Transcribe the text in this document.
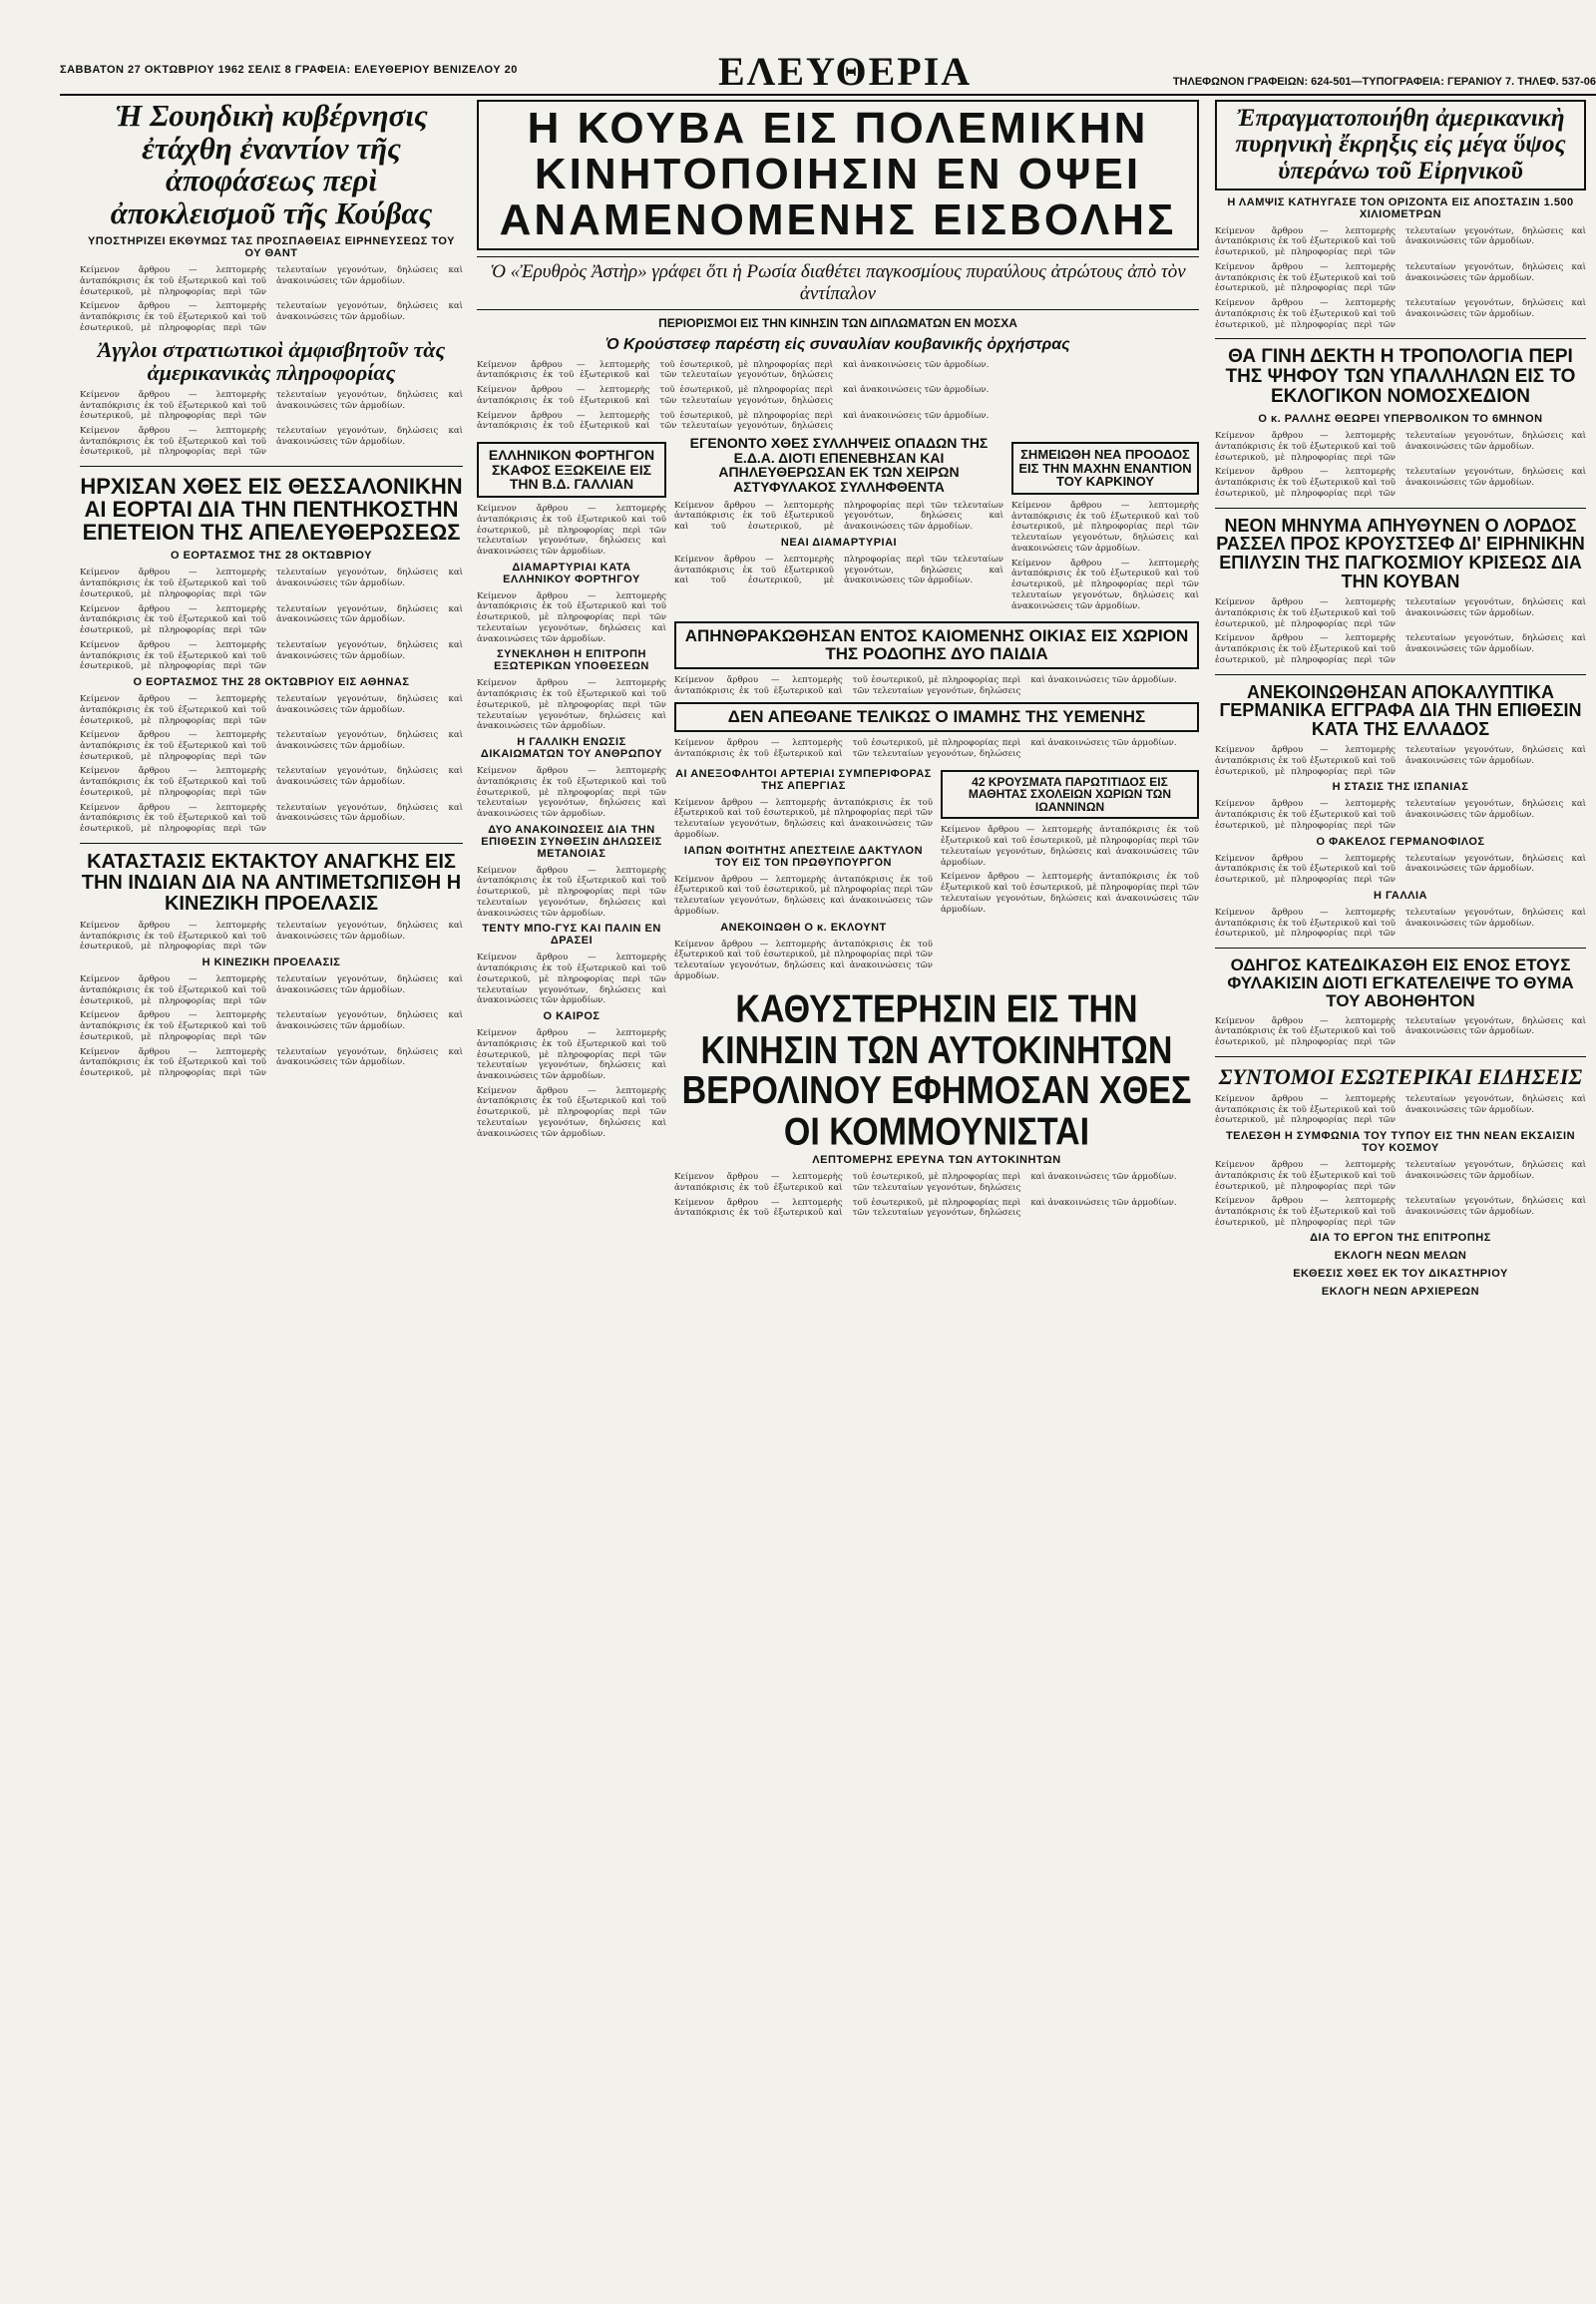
ΣΑΒΒΑΤΟΝ 27 ΟΚΤΩΒΡΙΟΥ 1962 ΣΕΛΙΣ 8 ΓΡΑΦΕΙΑ: ΕΛΕΥΘΕΡΙΟΥ ΒΕΝΙΖΕΛΟΥ 20	ΕΛΕΥΘΕΡΙΑ	ΤΗΛΕΦΩΝΟΝ ΓΡΑΦΕΙΩΝ: 624-501—ΤΥΠΟΓΡΑΦΕΙΑ: ΓΕΡΑΝΙΟΥ 7. ΤΗΛΕΦ. 537-06
Ἡ Σουηδικὴ κυβέρνησις ἐτάχθη ἐναντίον τῆς ἀποφάσεως περὶ ἀποκλεισμοῦ τῆς Κούβας
ΥΠΟΣΤΗΡΙΖΕΙ ΕΚΘΥΜΩΣ ΤΑΣ ΠΡΟΣΠΑΘΕΙΑΣ ΕΙΡΗΝΕΥΣΕΩΣ ΤΟΥ ΟΥ ΘΑΝΤ

Κείμενον ἄρθρου — λεπτομερὴς ἀνταπόκρισις ἐκ τοῦ ἐξωτερικοῦ καὶ τοῦ ἐσωτερικοῦ, μὲ πληροφορίας περὶ τῶν τελευταίων γεγονότων, δηλώσεις καὶ ἀνακοινώσεις τῶν ἁρμοδίων.

Κείμενον ἄρθρου — λεπτομερὴς ἀνταπόκρισις ἐκ τοῦ ἐξωτερικοῦ καὶ τοῦ ἐσωτερικοῦ, μὲ πληροφορίας περὶ τῶν τελευταίων γεγονότων, δηλώσεις καὶ ἀνακοινώσεις τῶν ἁρμοδίων.

Ἀγγλοι στρατιωτικοὶ ἀμφισβητοῦν τὰς ἀμερικανικὰς πληροφορίας

Κείμενον ἄρθρου — λεπτομερὴς ἀνταπόκρισις ἐκ τοῦ ἐξωτερικοῦ καὶ τοῦ ἐσωτερικοῦ, μὲ πληροφορίας περὶ τῶν τελευταίων γεγονότων, δηλώσεις καὶ ἀνακοινώσεις τῶν ἁρμοδίων.

Κείμενον ἄρθρου — λεπτομερὴς ἀνταπόκρισις ἐκ τοῦ ἐξωτερικοῦ καὶ τοῦ ἐσωτερικοῦ, μὲ πληροφορίας περὶ τῶν τελευταίων γεγονότων, δηλώσεις καὶ ἀνακοινώσεις τῶν ἁρμοδίων.

ΗΡΧΙΣΑΝ ΧΘΕΣ ΕΙΣ ΘΕΣΣΑΛΟΝΙΚΗΝ ΑΙ ΕΟΡΤΑΙ ΔΙΑ ΤΗΝ ΠΕΝΤΗΚΟΣΤΗΝ ΕΠΕΤΕΙΟΝ ΤΗΣ ΑΠΕΛΕΥΘΕΡΩΣΕΩΣ
Ο ΕΟΡΤΑΣΜΟΣ ΤΗΣ 28 ΟΚΤΩΒΡΙΟΥ

Κείμενον ἄρθρου — λεπτομερὴς ἀνταπόκρισις ἐκ τοῦ ἐξωτερικοῦ καὶ τοῦ ἐσωτερικοῦ, μὲ πληροφορίας περὶ τῶν τελευταίων γεγονότων, δηλώσεις καὶ ἀνακοινώσεις τῶν ἁρμοδίων.

Κείμενον ἄρθρου — λεπτομερὴς ἀνταπόκρισις ἐκ τοῦ ἐξωτερικοῦ καὶ τοῦ ἐσωτερικοῦ, μὲ πληροφορίας περὶ τῶν τελευταίων γεγονότων, δηλώσεις καὶ ἀνακοινώσεις τῶν ἁρμοδίων.

Κείμενον ἄρθρου — λεπτομερὴς ἀνταπόκρισις ἐκ τοῦ ἐξωτερικοῦ καὶ τοῦ ἐσωτερικοῦ, μὲ πληροφορίας περὶ τῶν τελευταίων γεγονότων, δηλώσεις καὶ ἀνακοινώσεις τῶν ἁρμοδίων.

Ο ΕΟΡΤΑΣΜΟΣ ΤΗΣ 28 ΟΚΤΩΒΡΙΟΥ ΕΙΣ ΑΘΗΝΑΣ

Κείμενον ἄρθρου — λεπτομερὴς ἀνταπόκρισις ἐκ τοῦ ἐξωτερικοῦ καὶ τοῦ ἐσωτερικοῦ, μὲ πληροφορίας περὶ τῶν τελευταίων γεγονότων, δηλώσεις καὶ ἀνακοινώσεις τῶν ἁρμοδίων.

Κείμενον ἄρθρου — λεπτομερὴς ἀνταπόκρισις ἐκ τοῦ ἐξωτερικοῦ καὶ τοῦ ἐσωτερικοῦ, μὲ πληροφορίας περὶ τῶν τελευταίων γεγονότων, δηλώσεις καὶ ἀνακοινώσεις τῶν ἁρμοδίων.

Κείμενον ἄρθρου — λεπτομερὴς ἀνταπόκρισις ἐκ τοῦ ἐξωτερικοῦ καὶ τοῦ ἐσωτερικοῦ, μὲ πληροφορίας περὶ τῶν τελευταίων γεγονότων, δηλώσεις καὶ ἀνακοινώσεις τῶν ἁρμοδίων.

Κείμενον ἄρθρου — λεπτομερὴς ἀνταπόκρισις ἐκ τοῦ ἐξωτερικοῦ καὶ τοῦ ἐσωτερικοῦ, μὲ πληροφορίας περὶ τῶν τελευταίων γεγονότων, δηλώσεις καὶ ἀνακοινώσεις τῶν ἁρμοδίων.

ΚΑΤΑΣΤΑΣΙΣ ΕΚΤΑΚΤΟΥ ΑΝΑΓΚΗΣ ΕΙΣ ΤΗΝ ΙΝΔΙΑΝ ΔΙΑ ΝΑ ΑΝΤΙΜΕΤΩΠΙΣΘΗ Η ΚΙΝΕΖΙΚΗ ΠΡΟΕΛΑΣΙΣ

Κείμενον ἄρθρου — λεπτομερὴς ἀνταπόκρισις ἐκ τοῦ ἐξωτερικοῦ καὶ τοῦ ἐσωτερικοῦ, μὲ πληροφορίας περὶ τῶν τελευταίων γεγονότων, δηλώσεις καὶ ἀνακοινώσεις τῶν ἁρμοδίων.

Η ΚΙΝΕΖΙΚΗ ΠΡΟΕΛΑΣΙΣ

Κείμενον ἄρθρου — λεπτομερὴς ἀνταπόκρισις ἐκ τοῦ ἐξωτερικοῦ καὶ τοῦ ἐσωτερικοῦ, μὲ πληροφορίας περὶ τῶν τελευταίων γεγονότων, δηλώσεις καὶ ἀνακοινώσεις τῶν ἁρμοδίων.

Κείμενον ἄρθρου — λεπτομερὴς ἀνταπόκρισις ἐκ τοῦ ἐξωτερικοῦ καὶ τοῦ ἐσωτερικοῦ, μὲ πληροφορίας περὶ τῶν τελευταίων γεγονότων, δηλώσεις καὶ ἀνακοινώσεις τῶν ἁρμοδίων.

Κείμενον ἄρθρου — λεπτομερὴς ἀνταπόκρισις ἐκ τοῦ ἐξωτερικοῦ καὶ τοῦ ἐσωτερικοῦ, μὲ πληροφορίας περὶ τῶν τελευταίων γεγονότων, δηλώσεις καὶ ἀνακοινώσεις τῶν ἁρμοδίων.

Η ΚΟΥΒΑ ΕΙΣ ΠΟΛΕΜΙΚΗΝ ΚΙΝΗΤΟΠΟΙΗΣΙΝ ΕΝ ΟΨΕΙ ΑΝΑΜΕΝΟΜΕΝΗΣ ΕΙΣΒΟΛΗΣ
Ὁ «Ἐρυθρὸς Ἀστὴρ» γράφει ὅτι ἡ Ρωσία διαθέτει παγκοσμίους πυραύλους ἀτρώτους ἀπὸ τὸν ἀντίπαλον
ΠΕΡΙΟΡΙΣΜΟΙ ΕΙΣ ΤΗΝ ΚΙΝΗΣΙΝ ΤΩΝ ΔΙΠΛΩΜΑΤΩΝ ΕΝ ΜΟΣΧΑ
Ὁ Κρούστσεφ παρέστη εἰς συναυλίαν κουβανικῆς ὀρχήστρας

Κείμενον ἄρθρου — λεπτομερὴς ἀνταπόκρισις ἐκ τοῦ ἐξωτερικοῦ καὶ τοῦ ἐσωτερικοῦ, μὲ πληροφορίας περὶ τῶν τελευταίων γεγονότων, δηλώσεις καὶ ἀνακοινώσεις τῶν ἁρμοδίων.

Κείμενον ἄρθρου — λεπτομερὴς ἀνταπόκρισις ἐκ τοῦ ἐξωτερικοῦ καὶ τοῦ ἐσωτερικοῦ, μὲ πληροφορίας περὶ τῶν τελευταίων γεγονότων, δηλώσεις καὶ ἀνακοινώσεις τῶν ἁρμοδίων.

Κείμενον ἄρθρου — λεπτομερὴς ἀνταπόκρισις ἐκ τοῦ ἐξωτερικοῦ καὶ τοῦ ἐσωτερικοῦ, μὲ πληροφορίας περὶ τῶν τελευταίων γεγονότων, δηλώσεις καὶ ἀνακοινώσεις τῶν ἁρμοδίων.

ΕΛΛΗΝΙΚΟΝ ΦΟΡΤΗΓΟΝ ΣΚΑΦΟΣ ΕΞΩΚΕΙΛΕ ΕΙΣ ΤΗΝ Β.Δ. ΓΑΛΛΙΑΝ

Κείμενον ἄρθρου — λεπτομερὴς ἀνταπόκρισις ἐκ τοῦ ἐξωτερικοῦ καὶ τοῦ ἐσωτερικοῦ, μὲ πληροφορίας περὶ τῶν τελευταίων γεγονότων, δηλώσεις καὶ ἀνακοινώσεις τῶν ἁρμοδίων.

ΔΙΑΜΑΡΤΥΡΙΑΙ ΚΑΤΑ ΕΛΛΗΝΙΚΟΥ ΦΟΡΤΗΓΟΥ

Κείμενον ἄρθρου — λεπτομερὴς ἀνταπόκρισις ἐκ τοῦ ἐξωτερικοῦ καὶ τοῦ ἐσωτερικοῦ, μὲ πληροφορίας περὶ τῶν τελευταίων γεγονότων, δηλώσεις καὶ ἀνακοινώσεις τῶν ἁρμοδίων.

ΣΥΝΕΚΛΗΘΗ Η ΕΠΙΤΡΟΠΗ ΕΞΩΤΕΡΙΚΩΝ ΥΠΟΘΕΣΕΩΝ

Κείμενον ἄρθρου — λεπτομερὴς ἀνταπόκρισις ἐκ τοῦ ἐξωτερικοῦ καὶ τοῦ ἐσωτερικοῦ, μὲ πληροφορίας περὶ τῶν τελευταίων γεγονότων, δηλώσεις καὶ ἀνακοινώσεις τῶν ἁρμοδίων.

Η ΓΑΛΛΙΚΗ ΕΝΩΣΙΣ ΔΙΚΑΙΩΜΑΤΩΝ ΤΟΥ ΑΝΘΡΩΠΟΥ

Κείμενον ἄρθρου — λεπτομερὴς ἀνταπόκρισις ἐκ τοῦ ἐξωτερικοῦ καὶ τοῦ ἐσωτερικοῦ, μὲ πληροφορίας περὶ τῶν τελευταίων γεγονότων, δηλώσεις καὶ ἀνακοινώσεις τῶν ἁρμοδίων.

ΔΥΟ ΑΝΑΚΟΙΝΩΣΕΙΣ ΔΙΑ ΤΗΝ ΕΠΙΘΕΣΙΝ ΣΥΝΘΕΣΙΝ ΔΗΛΩΣΕΙΣ ΜΕΤΑΝΟΙΑΣ

Κείμενον ἄρθρου — λεπτομερὴς ἀνταπόκρισις ἐκ τοῦ ἐξωτερικοῦ καὶ τοῦ ἐσωτερικοῦ, μὲ πληροφορίας περὶ τῶν τελευταίων γεγονότων, δηλώσεις καὶ ἀνακοινώσεις τῶν ἁρμοδίων.

ΤΕΝΤΥ ΜΠΟ-ΓΥΣ ΚΑΙ ΠΑΛΙΝ ΕΝ ΔΡΑΣΕΙ

Κείμενον ἄρθρου — λεπτομερὴς ἀνταπόκρισις ἐκ τοῦ ἐξωτερικοῦ καὶ τοῦ ἐσωτερικοῦ, μὲ πληροφορίας περὶ τῶν τελευταίων γεγονότων, δηλώσεις καὶ ἀνακοινώσεις τῶν ἁρμοδίων.

Ο ΚΑΙΡΟΣ

Κείμενον ἄρθρου — λεπτομερὴς ἀνταπόκρισις ἐκ τοῦ ἐξωτερικοῦ καὶ τοῦ ἐσωτερικοῦ, μὲ πληροφορίας περὶ τῶν τελευταίων γεγονότων, δηλώσεις καὶ ἀνακοινώσεις τῶν ἁρμοδίων.

Κείμενον ἄρθρου — λεπτομερὴς ἀνταπόκρισις ἐκ τοῦ ἐξωτερικοῦ καὶ τοῦ ἐσωτερικοῦ, μὲ πληροφορίας περὶ τῶν τελευταίων γεγονότων, δηλώσεις καὶ ἀνακοινώσεις τῶν ἁρμοδίων.

ΕΓΕΝΟΝΤΟ ΧΘΕΣ ΣΥΛΛΗΨΕΙΣ ΟΠΑΔΩΝ ΤΗΣ Ε.Δ.Α. ΔΙΟΤΙ ΕΠΕΝΕΒΗΣΑΝ ΚΑΙ ΑΠΗΛΕΥΘΕΡΩΣΑΝ ΕΚ ΤΩΝ ΧΕΙΡΩΝ ΑΣΤΥΦΥΛΑΚΟΣ ΣΥΛΛΗΦΘΕΝΤΑ

Κείμενον ἄρθρου — λεπτομερὴς ἀνταπόκρισις ἐκ τοῦ ἐξωτερικοῦ καὶ τοῦ ἐσωτερικοῦ, μὲ πληροφορίας περὶ τῶν τελευταίων γεγονότων, δηλώσεις καὶ ἀνακοινώσεις τῶν ἁρμοδίων.

ΝΕΑΙ ΔΙΑΜΑΡΤΥΡΙΑΙ

Κείμενον ἄρθρου — λεπτομερὴς ἀνταπόκρισις ἐκ τοῦ ἐξωτερικοῦ καὶ τοῦ ἐσωτερικοῦ, μὲ πληροφορίας περὶ τῶν τελευταίων γεγονότων, δηλώσεις καὶ ἀνακοινώσεις τῶν ἁρμοδίων.

ΣΗΜΕΙΩΘΗ ΝΕΑ ΠΡΟΟΔΟΣ ΕΙΣ ΤΗΝ ΜΑΧΗΝ ΕΝΑΝΤΙΟΝ ΤΟΥ ΚΑΡΚΙΝΟΥ

Κείμενον ἄρθρου — λεπτομερὴς ἀνταπόκρισις ἐκ τοῦ ἐξωτερικοῦ καὶ τοῦ ἐσωτερικοῦ, μὲ πληροφορίας περὶ τῶν τελευταίων γεγονότων, δηλώσεις καὶ ἀνακοινώσεις τῶν ἁρμοδίων.

Κείμενον ἄρθρου — λεπτομερὴς ἀνταπόκρισις ἐκ τοῦ ἐξωτερικοῦ καὶ τοῦ ἐσωτερικοῦ, μὲ πληροφορίας περὶ τῶν τελευταίων γεγονότων, δηλώσεις καὶ ἀνακοινώσεις τῶν ἁρμοδίων.

ΑΠΗΝΘΡΑΚΩΘΗΣΑΝ ΕΝΤΟΣ ΚΑΙΟΜΕΝΗΣ ΟΙΚΙΑΣ ΕΙΣ ΧΩΡΙΟΝ ΤΗΣ ΡΟΔΟΠΗΣ ΔΥΟ ΠΑΙΔΙΑ

Κείμενον ἄρθρου — λεπτομερὴς ἀνταπόκρισις ἐκ τοῦ ἐξωτερικοῦ καὶ τοῦ ἐσωτερικοῦ, μὲ πληροφορίας περὶ τῶν τελευταίων γεγονότων, δηλώσεις καὶ ἀνακοινώσεις τῶν ἁρμοδίων.

ΔΕΝ ΑΠΕΘΑΝΕ ΤΕΛΙΚΩΣ Ο ΙΜΑΜΗΣ ΤΗΣ ΥΕΜΕΝΗΣ

Κείμενον ἄρθρου — λεπτομερὴς ἀνταπόκρισις ἐκ τοῦ ἐξωτερικοῦ καὶ τοῦ ἐσωτερικοῦ, μὲ πληροφορίας περὶ τῶν τελευταίων γεγονότων, δηλώσεις καὶ ἀνακοινώσεις τῶν ἁρμοδίων.

ΑΙ ΑΝΕΞΟΦΛΗΤΟΙ ΑΡΤΕΡΙΑΙ ΣΥΜΠΕΡΙΦΟΡΑΣ ΤΗΣ ΑΠΕΡΓΙΑΣ

Κείμενον ἄρθρου — λεπτομερὴς ἀνταπόκρισις ἐκ τοῦ ἐξωτερικοῦ καὶ τοῦ ἐσωτερικοῦ, μὲ πληροφορίας περὶ τῶν τελευταίων γεγονότων, δηλώσεις καὶ ἀνακοινώσεις τῶν ἁρμοδίων.

ΙΑΠΩΝ ΦΟΙΤΗΤΗΣ ΑΠΕΣΤΕΙΛΕ ΔΑΚΤΥΛΟΝ ΤΟΥ ΕΙΣ ΤΟΝ ΠΡΩΘΥΠΟΥΡΓΟΝ

Κείμενον ἄρθρου — λεπτομερὴς ἀνταπόκρισις ἐκ τοῦ ἐξωτερικοῦ καὶ τοῦ ἐσωτερικοῦ, μὲ πληροφορίας περὶ τῶν τελευταίων γεγονότων, δηλώσεις καὶ ἀνακοινώσεις τῶν ἁρμοδίων.

ΑΝΕΚΟΙΝΩΘΗ Ο κ. ΕΚΛΟΥΝΤ

Κείμενον ἄρθρου — λεπτομερὴς ἀνταπόκρισις ἐκ τοῦ ἐξωτερικοῦ καὶ τοῦ ἐσωτερικοῦ, μὲ πληροφορίας περὶ τῶν τελευταίων γεγονότων, δηλώσεις καὶ ἀνακοινώσεις τῶν ἁρμοδίων.

42 ΚΡΟΥΣΜΑΤΑ ΠΑΡΩΤΙΤΙΔΟΣ ΕΙΣ ΜΑΘΗΤΑΣ ΣΧΟΛΕΙΩΝ ΧΩΡΙΩΝ ΤΩΝ ΙΩΑΝΝΙΝΩΝ

Κείμενον ἄρθρου — λεπτομερὴς ἀνταπόκρισις ἐκ τοῦ ἐξωτερικοῦ καὶ τοῦ ἐσωτερικοῦ, μὲ πληροφορίας περὶ τῶν τελευταίων γεγονότων, δηλώσεις καὶ ἀνακοινώσεις τῶν ἁρμοδίων.

Κείμενον ἄρθρου — λεπτομερὴς ἀνταπόκρισις ἐκ τοῦ ἐξωτερικοῦ καὶ τοῦ ἐσωτερικοῦ, μὲ πληροφορίας περὶ τῶν τελευταίων γεγονότων, δηλώσεις καὶ ἀνακοινώσεις τῶν ἁρμοδίων.

ΚΑΘΥΣΤΕΡΗΣΙΝ ΕΙΣ ΤΗΝ ΚΙΝΗΣΙΝ ΤΩΝ ΑΥΤΟΚΙΝΗΤΩΝ ΒΕΡΟΛΙΝΟΥ ΕΦΗΜΟΣΑΝ ΧΘΕΣ ΟΙ ΚΟΜΜΟΥΝΙΣΤΑΙ
ΛΕΠΤΟΜΕΡΗΣ ΕΡΕΥΝΑ ΤΩΝ ΑΥΤΟΚΙΝΗΤΩΝ

Κείμενον ἄρθρου — λεπτομερὴς ἀνταπόκρισις ἐκ τοῦ ἐξωτερικοῦ καὶ τοῦ ἐσωτερικοῦ, μὲ πληροφορίας περὶ τῶν τελευταίων γεγονότων, δηλώσεις καὶ ἀνακοινώσεις τῶν ἁρμοδίων.

Κείμενον ἄρθρου — λεπτομερὴς ἀνταπόκρισις ἐκ τοῦ ἐξωτερικοῦ καὶ τοῦ ἐσωτερικοῦ, μὲ πληροφορίας περὶ τῶν τελευταίων γεγονότων, δηλώσεις καὶ ἀνακοινώσεις τῶν ἁρμοδίων.

Ἐπραγματοποιήθη ἀμερικανικὴ πυρηνικὴ ἔκρηξις εἰς μέγα ὕψος ὑπεράνω τοῦ Εἰρηνικοῦ
Η ΛΑΜΨΙΣ ΚΑΤΗΥΓΑΣΕ ΤΟΝ ΟΡΙΖΟΝΤΑ ΕΙΣ ΑΠΟΣΤΑΣΙΝ 1.500 ΧΙΛΙΟΜΕΤΡΩΝ

Κείμενον ἄρθρου — λεπτομερὴς ἀνταπόκρισις ἐκ τοῦ ἐξωτερικοῦ καὶ τοῦ ἐσωτερικοῦ, μὲ πληροφορίας περὶ τῶν τελευταίων γεγονότων, δηλώσεις καὶ ἀνακοινώσεις τῶν ἁρμοδίων.

Κείμενον ἄρθρου — λεπτομερὴς ἀνταπόκρισις ἐκ τοῦ ἐξωτερικοῦ καὶ τοῦ ἐσωτερικοῦ, μὲ πληροφορίας περὶ τῶν τελευταίων γεγονότων, δηλώσεις καὶ ἀνακοινώσεις τῶν ἁρμοδίων.

Κείμενον ἄρθρου — λεπτομερὴς ἀνταπόκρισις ἐκ τοῦ ἐξωτερικοῦ καὶ τοῦ ἐσωτερικοῦ, μὲ πληροφορίας περὶ τῶν τελευταίων γεγονότων, δηλώσεις καὶ ἀνακοινώσεις τῶν ἁρμοδίων.

ΘΑ ΓΙΝΗ ΔΕΚΤΗ Η ΤΡΟΠΟΛΟΓΙΑ ΠΕΡΙ ΤΗΣ ΨΗΦΟΥ ΤΩΝ ΥΠΑΛΛΗΛΩΝ ΕΙΣ ΤΟ ΕΚΛΟΓΙΚΟΝ ΝΟΜΟΣΧΕΔΙΟΝ
Ο κ. ΡΑΛΛΗΣ ΘΕΩΡΕΙ ΥΠΕΡΒΟΛΙΚΟΝ ΤΟ 6ΜΗΝΟΝ

Κείμενον ἄρθρου — λεπτομερὴς ἀνταπόκρισις ἐκ τοῦ ἐξωτερικοῦ καὶ τοῦ ἐσωτερικοῦ, μὲ πληροφορίας περὶ τῶν τελευταίων γεγονότων, δηλώσεις καὶ ἀνακοινώσεις τῶν ἁρμοδίων.

Κείμενον ἄρθρου — λεπτομερὴς ἀνταπόκρισις ἐκ τοῦ ἐξωτερικοῦ καὶ τοῦ ἐσωτερικοῦ, μὲ πληροφορίας περὶ τῶν τελευταίων γεγονότων, δηλώσεις καὶ ἀνακοινώσεις τῶν ἁρμοδίων.

ΝΕΟΝ ΜΗΝΥΜΑ ΑΠΗΥΘΥΝΕΝ Ο ΛΟΡΔΟΣ ΡΑΣΣΕΛ ΠΡΟΣ ΚΡΟΥΣΤΣΕΦ ΔΙ' ΕΙΡΗΝΙΚΗΝ ΕΠΙΛΥΣΙΝ ΤΗΣ ΠΑΓΚΟΣΜΙΟΥ ΚΡΙΣΕΩΣ ΔΙΑ ΤΗΝ ΚΟΥΒΑΝ

Κείμενον ἄρθρου — λεπτομερὴς ἀνταπόκρισις ἐκ τοῦ ἐξωτερικοῦ καὶ τοῦ ἐσωτερικοῦ, μὲ πληροφορίας περὶ τῶν τελευταίων γεγονότων, δηλώσεις καὶ ἀνακοινώσεις τῶν ἁρμοδίων.

Κείμενον ἄρθρου — λεπτομερὴς ἀνταπόκρισις ἐκ τοῦ ἐξωτερικοῦ καὶ τοῦ ἐσωτερικοῦ, μὲ πληροφορίας περὶ τῶν τελευταίων γεγονότων, δηλώσεις καὶ ἀνακοινώσεις τῶν ἁρμοδίων.

ΑΝΕΚΟΙΝΩΘΗΣΑΝ ΑΠΟΚΑΛΥΠΤΙΚΑ ΓΕΡΜΑΝΙΚΑ ΕΓΓΡΑΦΑ ΔΙΑ ΤΗΝ ΕΠΙΘΕΣΙΝ ΚΑΤΑ ΤΗΣ ΕΛΛΑΔΟΣ

Κείμενον ἄρθρου — λεπτομερὴς ἀνταπόκρισις ἐκ τοῦ ἐξωτερικοῦ καὶ τοῦ ἐσωτερικοῦ, μὲ πληροφορίας περὶ τῶν τελευταίων γεγονότων, δηλώσεις καὶ ἀνακοινώσεις τῶν ἁρμοδίων.

Η ΣΤΑΣΙΣ ΤΗΣ ΙΣΠΑΝΙΑΣ

Κείμενον ἄρθρου — λεπτομερὴς ἀνταπόκρισις ἐκ τοῦ ἐξωτερικοῦ καὶ τοῦ ἐσωτερικοῦ, μὲ πληροφορίας περὶ τῶν τελευταίων γεγονότων, δηλώσεις καὶ ἀνακοινώσεις τῶν ἁρμοδίων.

Ο ΦΑΚΕΛΟΣ ΓΕΡΜΑΝΟΦΙΛΟΣ

Κείμενον ἄρθρου — λεπτομερὴς ἀνταπόκρισις ἐκ τοῦ ἐξωτερικοῦ καὶ τοῦ ἐσωτερικοῦ, μὲ πληροφορίας περὶ τῶν τελευταίων γεγονότων, δηλώσεις καὶ ἀνακοινώσεις τῶν ἁρμοδίων.

Η ΓΑΛΛΙΑ

Κείμενον ἄρθρου — λεπτομερὴς ἀνταπόκρισις ἐκ τοῦ ἐξωτερικοῦ καὶ τοῦ ἐσωτερικοῦ, μὲ πληροφορίας περὶ τῶν τελευταίων γεγονότων, δηλώσεις καὶ ἀνακοινώσεις τῶν ἁρμοδίων.

ΟΔΗΓΟΣ ΚΑΤΕΔΙΚΑΣΘΗ ΕΙΣ ΕΝΟΣ ΕΤΟΥΣ ΦΥΛΑΚΙΣΙΝ ΔΙΟΤΙ ΕΓΚΑΤΕΛΕΙΨΕ ΤΟ ΘΥΜΑ ΤΟΥ ΑΒΟΗΘΗΤΟΝ

Κείμενον ἄρθρου — λεπτομερὴς ἀνταπόκρισις ἐκ τοῦ ἐξωτερικοῦ καὶ τοῦ ἐσωτερικοῦ, μὲ πληροφορίας περὶ τῶν τελευταίων γεγονότων, δηλώσεις καὶ ἀνακοινώσεις τῶν ἁρμοδίων.

ΣΥΝΤΟΜΟΙ ΕΣΩΤΕΡΙΚΑΙ ΕΙΔΗΣΕΙΣ

Κείμενον ἄρθρου — λεπτομερὴς ἀνταπόκρισις ἐκ τοῦ ἐξωτερικοῦ καὶ τοῦ ἐσωτερικοῦ, μὲ πληροφορίας περὶ τῶν τελευταίων γεγονότων, δηλώσεις καὶ ἀνακοινώσεις τῶν ἁρμοδίων.

ΤΕΛΕΣΘΗ Η ΣΥΜΦΩΝΙΑ ΤΟΥ ΤΥΠΟΥ ΕΙΣ ΤΗΝ ΝΕΑΝ ΕΚΣΑΙΣΙΝ ΤΟΥ ΚΟΣΜΟΥ

Κείμενον ἄρθρου — λεπτομερὴς ἀνταπόκρισις ἐκ τοῦ ἐξωτερικοῦ καὶ τοῦ ἐσωτερικοῦ, μὲ πληροφορίας περὶ τῶν τελευταίων γεγονότων, δηλώσεις καὶ ἀνακοινώσεις τῶν ἁρμοδίων.

Κείμενον ἄρθρου — λεπτομερὴς ἀνταπόκρισις ἐκ τοῦ ἐξωτερικοῦ καὶ τοῦ ἐσωτερικοῦ, μὲ πληροφορίας περὶ τῶν τελευταίων γεγονότων, δηλώσεις καὶ ἀνακοινώσεις τῶν ἁρμοδίων.

ΔΙΑ ΤΟ ΕΡΓΟΝ ΤΗΣ ΕΠΙΤΡΟΠΗΣ
ΕΚΛΟΓΗ ΝΕΩΝ ΜΕΛΩΝ
ΕΚΘΕΣΙΣ ΧΘΕΣ ΕΚ ΤΟΥ ΔΙΚΑΣΤΗΡΙΟΥ
ΕΚΛΟΓΗ ΝΕΩΝ ΑΡΧΙΕΡΕΩΝ
